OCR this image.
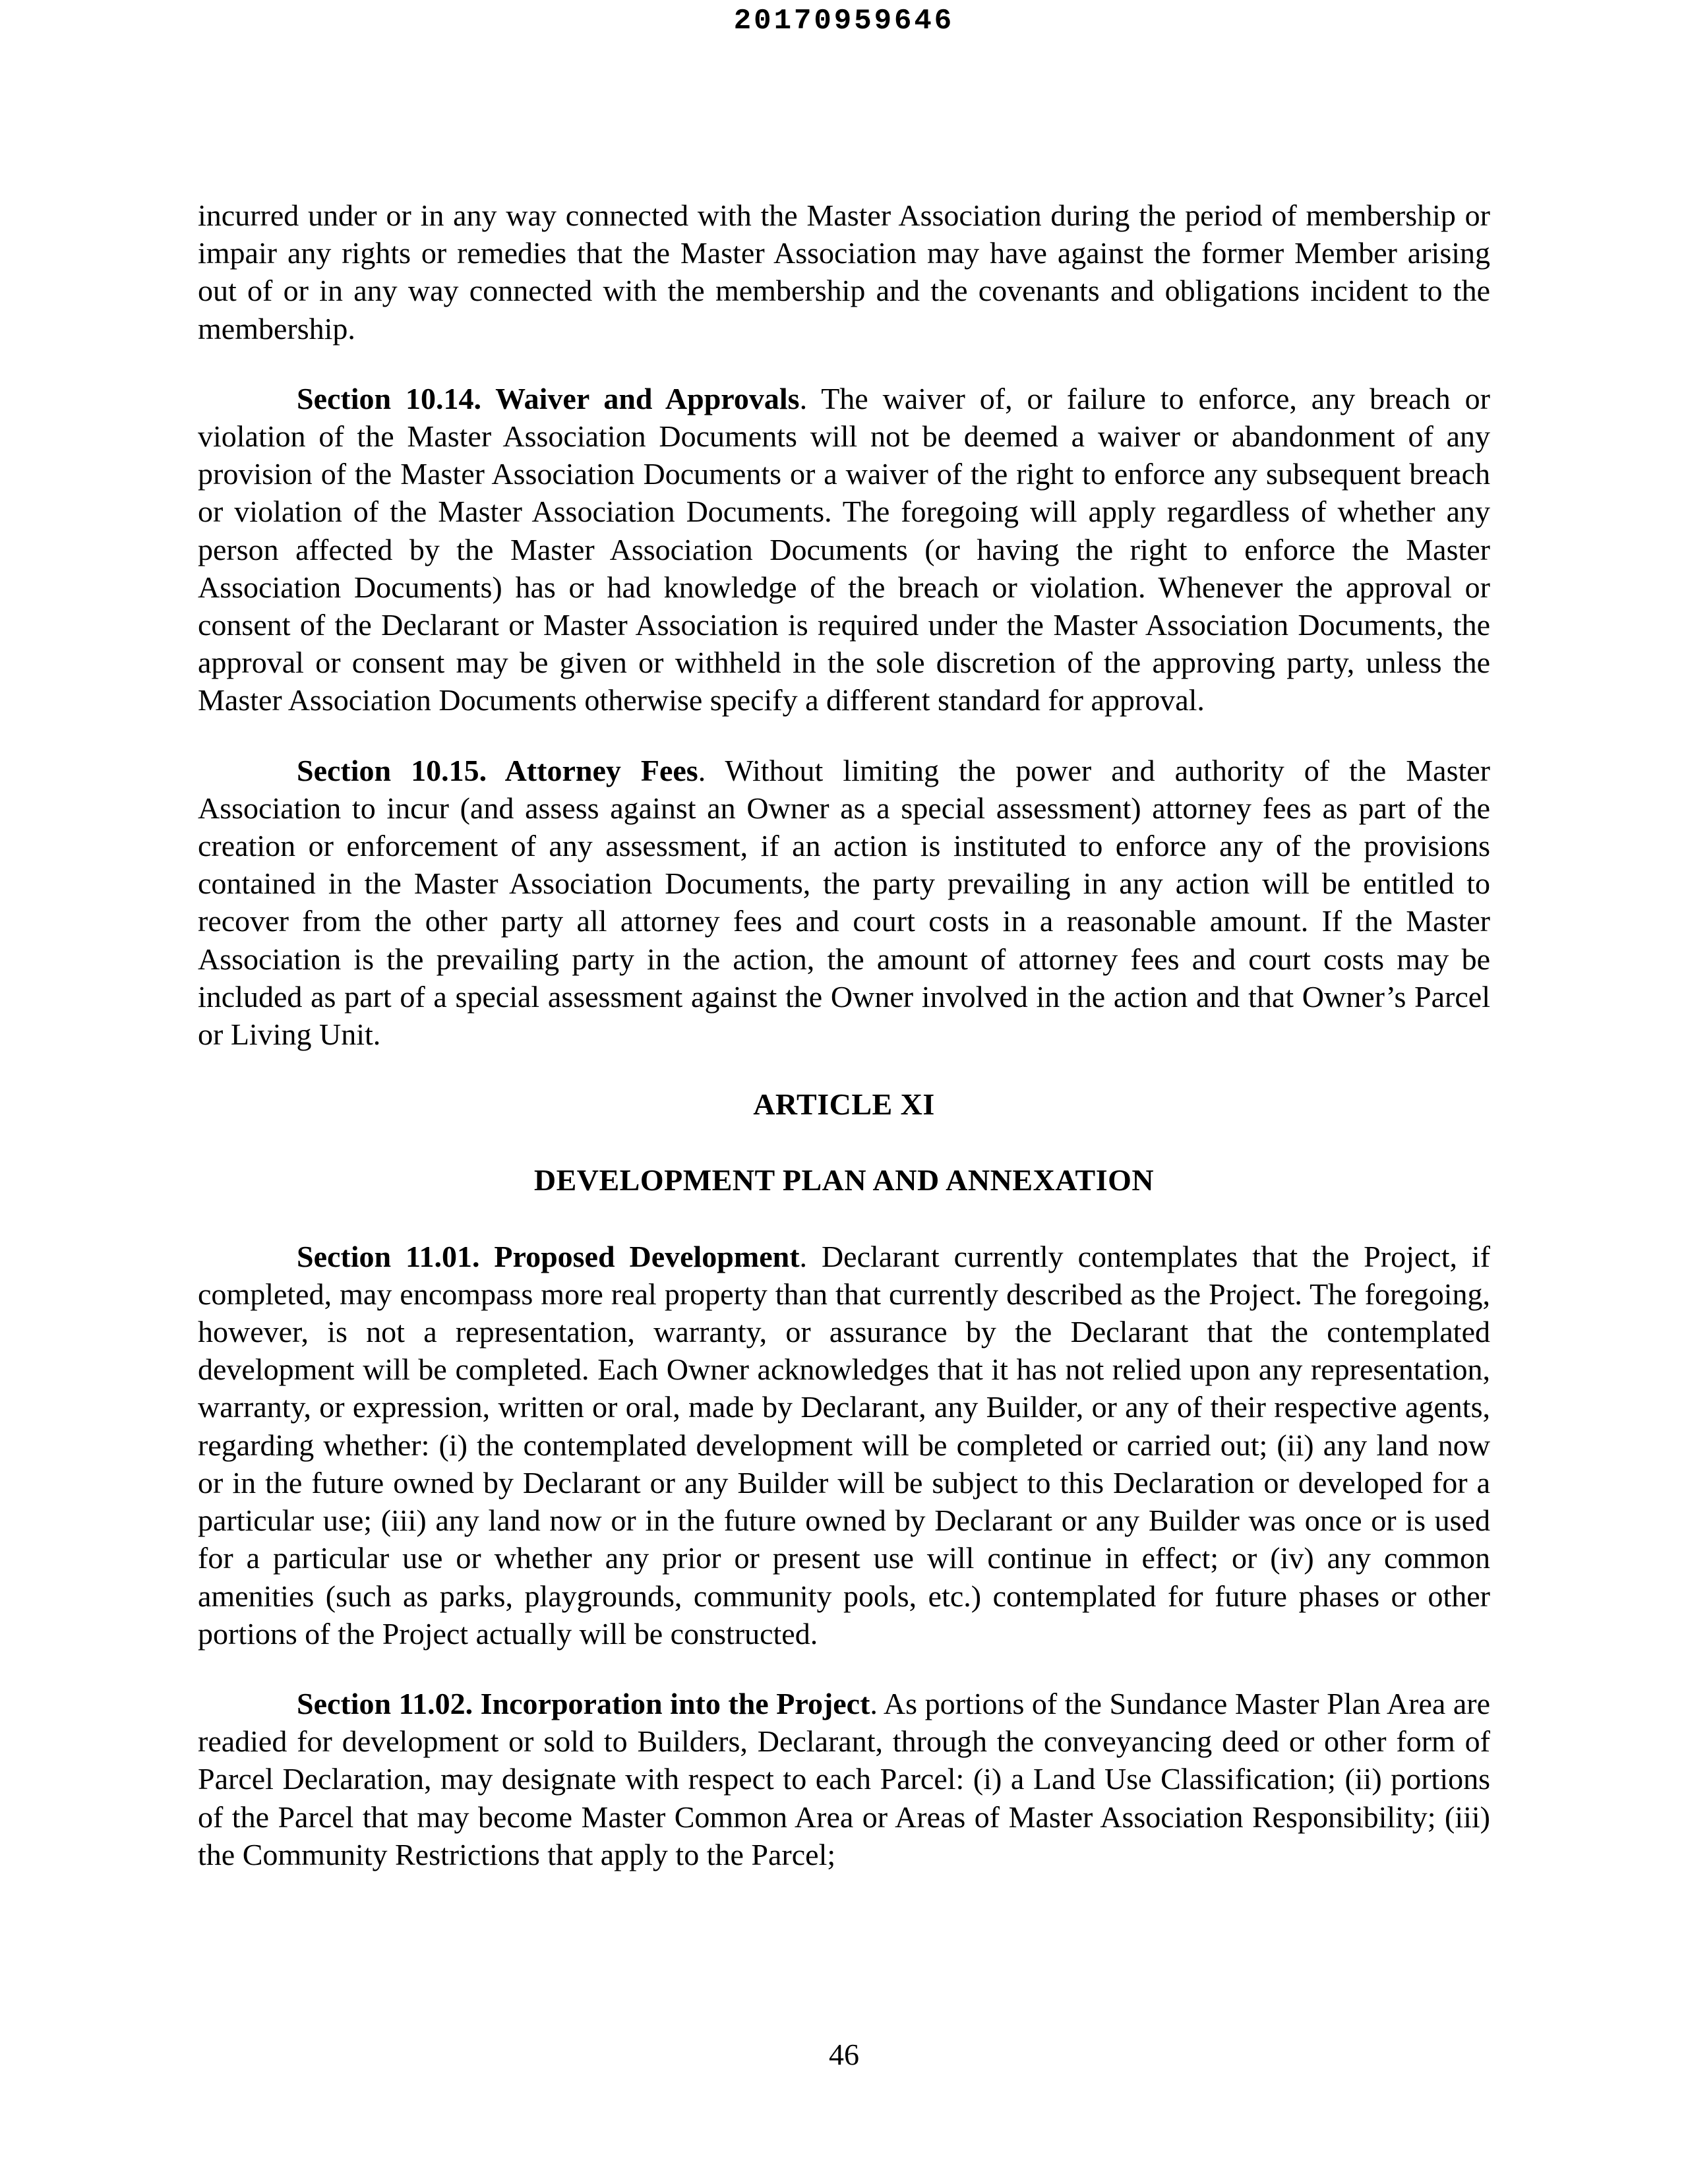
20170959646

incurred under or in any way connected with the Master Association during the period of membership or impair any rights or remedies that the Master Association may have against the former Member arising out of or in any way connected with the membership and the covenants and obligations incident to the membership.

Section 10.14. Waiver and Approvals. The waiver of, or failure to enforce, any breach or violation of the Master Association Documents will not be deemed a waiver or abandonment of any provision of the Master Association Documents or a waiver of the right to enforce any subsequent breach or violation of the Master Association Documents. The foregoing will apply regardless of whether any person affected by the Master Association Documents (or having the right to enforce the Master Association Documents) has or had knowledge of the breach or violation. Whenever the approval or consent of the Declarant or Master Association is required under the Master Association Documents, the approval or consent may be given or withheld in the sole discretion of the approving party, unless the Master Association Documents otherwise specify a different standard for approval.

Section 10.15. Attorney Fees. Without limiting the power and authority of the Master Association to incur (and assess against an Owner as a special assessment) attorney fees as part of the creation or enforcement of any assessment, if an action is instituted to enforce any of the provisions contained in the Master Association Documents, the party prevailing in any action will be entitled to recover from the other party all attorney fees and court costs in a reasonable amount. If the Master Association is the prevailing party in the action, the amount of attorney fees and court costs may be included as part of a special assessment against the Owner involved in the action and that Owner’s Parcel or Living Unit.

ARTICLE XI
DEVELOPMENT PLAN AND ANNEXATION

Section 11.01. Proposed Development. Declarant currently contemplates that the Project, if completed, may encompass more real property than that currently described as the Project. The foregoing, however, is not a representation, warranty, or assurance by the Declarant that the contemplated development will be completed. Each Owner acknowledges that it has not relied upon any representation, warranty, or expression, written or oral, made by Declarant, any Builder, or any of their respective agents, regarding whether: (i) the contemplated development will be completed or carried out; (ii) any land now or in the future owned by Declarant or any Builder will be subject to this Declaration or developed for a particular use; (iii) any land now or in the future owned by Declarant or any Builder was once or is used for a particular use or whether any prior or present use will continue in effect; or (iv) any common amenities (such as parks, playgrounds, community pools, etc.) contemplated for future phases or other portions of the Project actually will be constructed.

Section 11.02. Incorporation into the Project. As portions of the Sundance Master Plan Area are readied for development or sold to Builders, Declarant, through the conveyancing deed or other form of Parcel Declaration, may designate with respect to each Parcel: (i) a Land Use Classification; (ii) portions of the Parcel that may become Master Common Area or Areas of Master Association Responsibility; (iii) the Community Restrictions that apply to the Parcel;

46
